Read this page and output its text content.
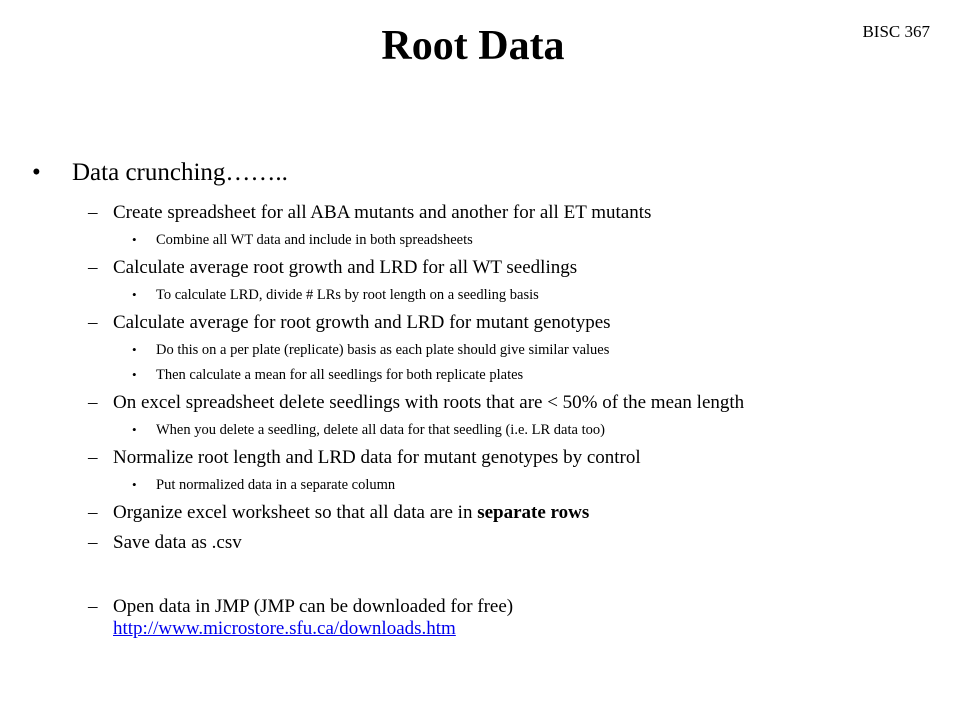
BISC 367
Root Data
• Data crunching……..
– Create spreadsheet for all ABA mutants and another for all ET mutants
• Combine all WT data and include in both spreadsheets
– Calculate average root growth and LRD for all WT seedlings
• To calculate LRD, divide # LRs by root length on a seedling basis
– Calculate average for root growth and LRD for mutant genotypes
• Do this on a per plate (replicate) basis as each plate should give similar values
• Then calculate a mean for all seedlings for both replicate plates
– On excel spreadsheet delete seedlings with roots that are < 50% of the mean length
• When you delete a seedling, delete all data for that seedling (i.e. LR data too)
– Normalize root length and LRD data for mutant genotypes by control
• Put normalized data in a separate column
– Organize excel worksheet so that all data are in separate rows
– Save data as .csv
– Open data in JMP (JMP can be downloaded for free)
http://www.microstore.sfu.ca/downloads.htm
